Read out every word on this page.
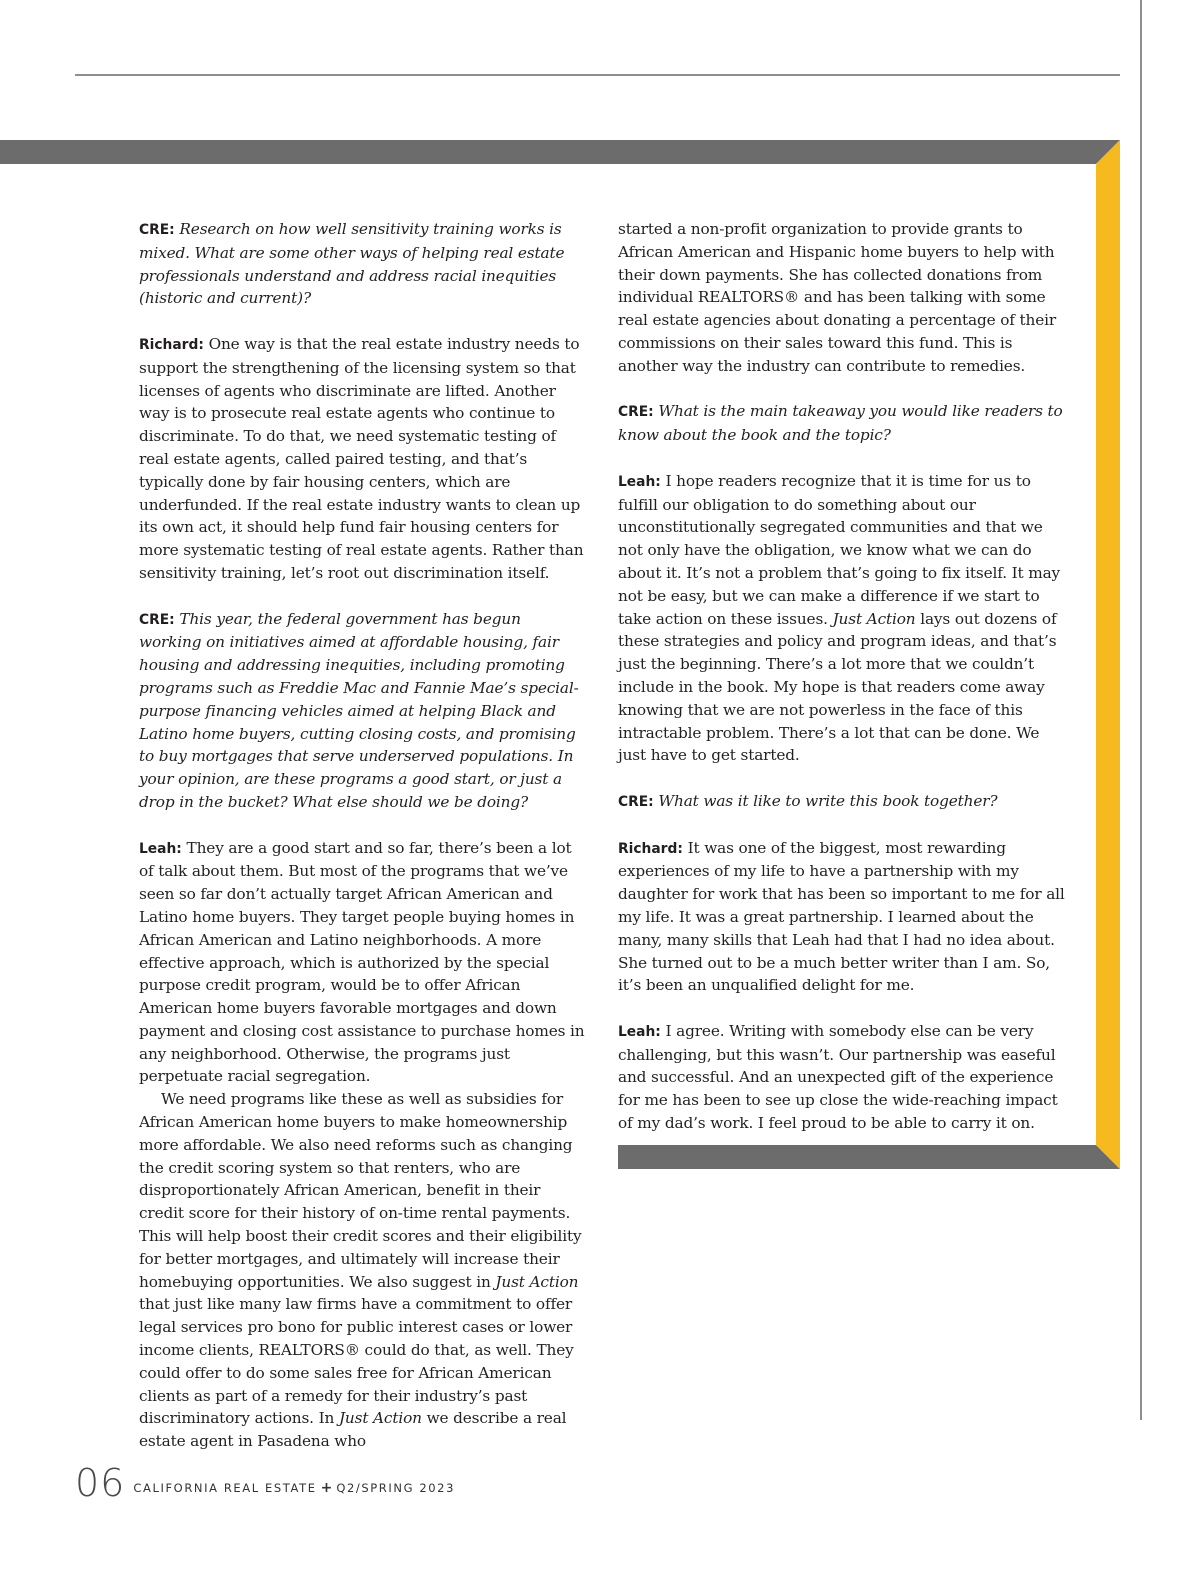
CRE: Research on how well sensitivity training works is mixed. What are some other ways of helping real estate professionals understand and address racial inequities (historic and current)?

Richard: One way is that the real estate industry needs to support the strengthening of the licensing system so that licenses of agents who discriminate are lifted. Another way is to prosecute real estate agents who continue to discriminate. To do that, we need systematic testing of real estate agents, called paired testing, and that’s typically done by fair housing centers, which are underfunded. If the real estate industry wants to clean up its own act, it should help fund fair housing centers for more systematic testing of real estate agents. Rather than sensitivity training, let’s root out discrimination itself.

CRE: This year, the federal government has begun working on initiatives aimed at affordable housing, fair housing and addressing inequities, including promoting programs such as Freddie Mac and Fannie Mae’s special-purpose financing vehicles aimed at helping Black and Latino home buyers, cutting closing costs, and promising to buy mortgages that serve underserved populations. In your opinion, are these programs a good start, or just a drop in the bucket? What else should we be doing?

Leah: They are a good start and so far, there’s been a lot of talk about them. But most of the programs that we’ve seen so far don’t actually target African American and Latino home buyers. They target people buying homes in African American and Latino neighborhoods. A more effective approach, which is authorized by the special purpose credit program, would be to offer African American home buyers favorable mortgages and down payment and closing cost assistance to purchase homes in any neighborhood. Otherwise, the programs just perpetuate racial segregation.

We need programs like these as well as subsidies for African American home buyers to make homeownership more affordable. We also need reforms such as changing the credit scoring system so that renters, who are disproportionately African American, benefit in their credit score for their history of on-time rental payments. This will help boost their credit scores and their eligibility for better mortgages, and ultimately will increase their homebuying opportunities. We also suggest in Just Action that just like many law firms have a commitment to offer legal services pro bono for public interest cases or lower income clients, REALTORS® could do that, as well. They could offer to do some sales free for African American clients as part of a remedy for their industry’s past discriminatory actions. In Just Action we describe a real estate agent in Pasadena who

started a non-profit organization to provide grants to African American and Hispanic home buyers to help with their down payments. She has collected donations from individual REALTORS® and has been talking with some real estate agencies about donating a percentage of their commissions on their sales toward this fund. This is another way the industry can contribute to remedies.

CRE: What is the main takeaway you would like readers to know about the book and the topic?

Leah: I hope readers recognize that it is time for us to fulfill our obligation to do something about our unconstitutionally segregated communities and that we not only have the obligation, we know what we can do about it. It’s not a problem that’s going to fix itself. It may not be easy, but we can make a difference if we start to take action on these issues. Just Action lays out dozens of these strategies and policy and program ideas, and that’s just the beginning. There’s a lot more that we couldn’t include in the book. My hope is that readers come away knowing that we are not powerless in the face of this intractable problem. There’s a lot that can be done. We just have to get started.

CRE: What was it like to write this book together?

Richard: It was one of the biggest, most rewarding experiences of my life to have a partnership with my daughter for work that has been so important to me for all my life. It was a great partnership. I learned about the many, many skills that Leah had that I had no idea about. She turned out to be a much better writer than I am. So, it’s been an unqualified delight for me.

Leah: I agree. Writing with somebody else can be very challenging, but this wasn’t. Our partnership was easeful and successful. And an unexpected gift of the experience for me has been to see up close the wide-reaching impact of my dad’s work. I feel proud to be able to carry it on.

06 CALIFORNIA REAL ESTATE + Q2/SPRING 2023
